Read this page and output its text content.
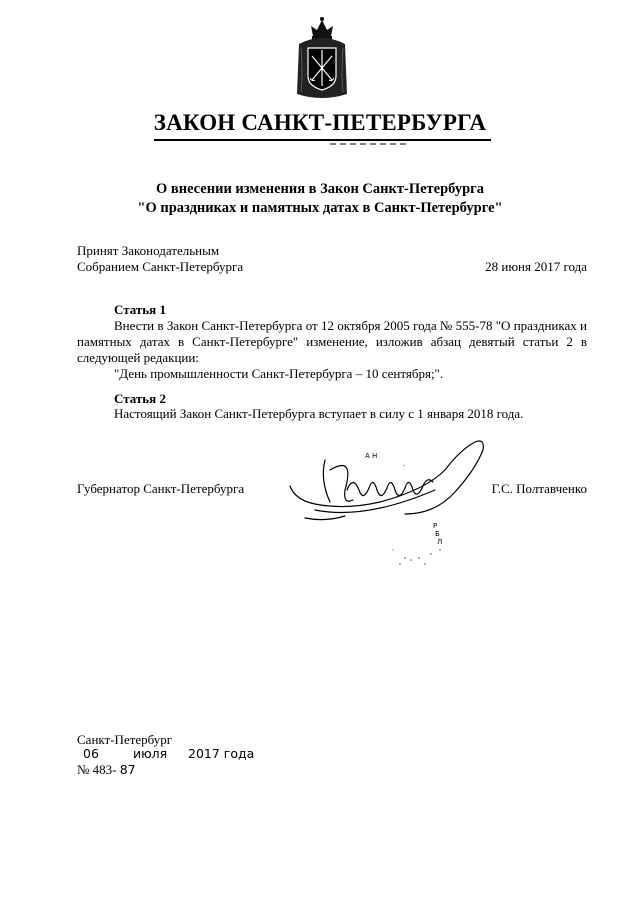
ЗАКОН САНКТ-ПЕТЕРБУРГА
О внесении изменения в Закон Санкт-Петербурга
"О праздниках и памятных датах в Санкт-Петербурге"
Принят Законодательным
Собранием Санкт-Петербурга	28 июня 2017 года
Статья 1
Внести в Закон Санкт-Петербурга от 12 октября 2005 года № 555-78 "О праздниках и памятных датах в Санкт-Петербурге" изменение, изложив абзац девятый статьи 2 в следующей редакции:
"День промышленности Санкт-Петербурга – 10 сентября;".
Статья 2
Настоящий Закон Санкт-Петербурга вступает в силу с 1 января 2018 года.
Губернатор Санкт-Петербурга
А Н
.
Р
Б
Л
Г.С. Полтавченко
Санкт-Петербург
06	июля 2017 года
№ 483- 87
